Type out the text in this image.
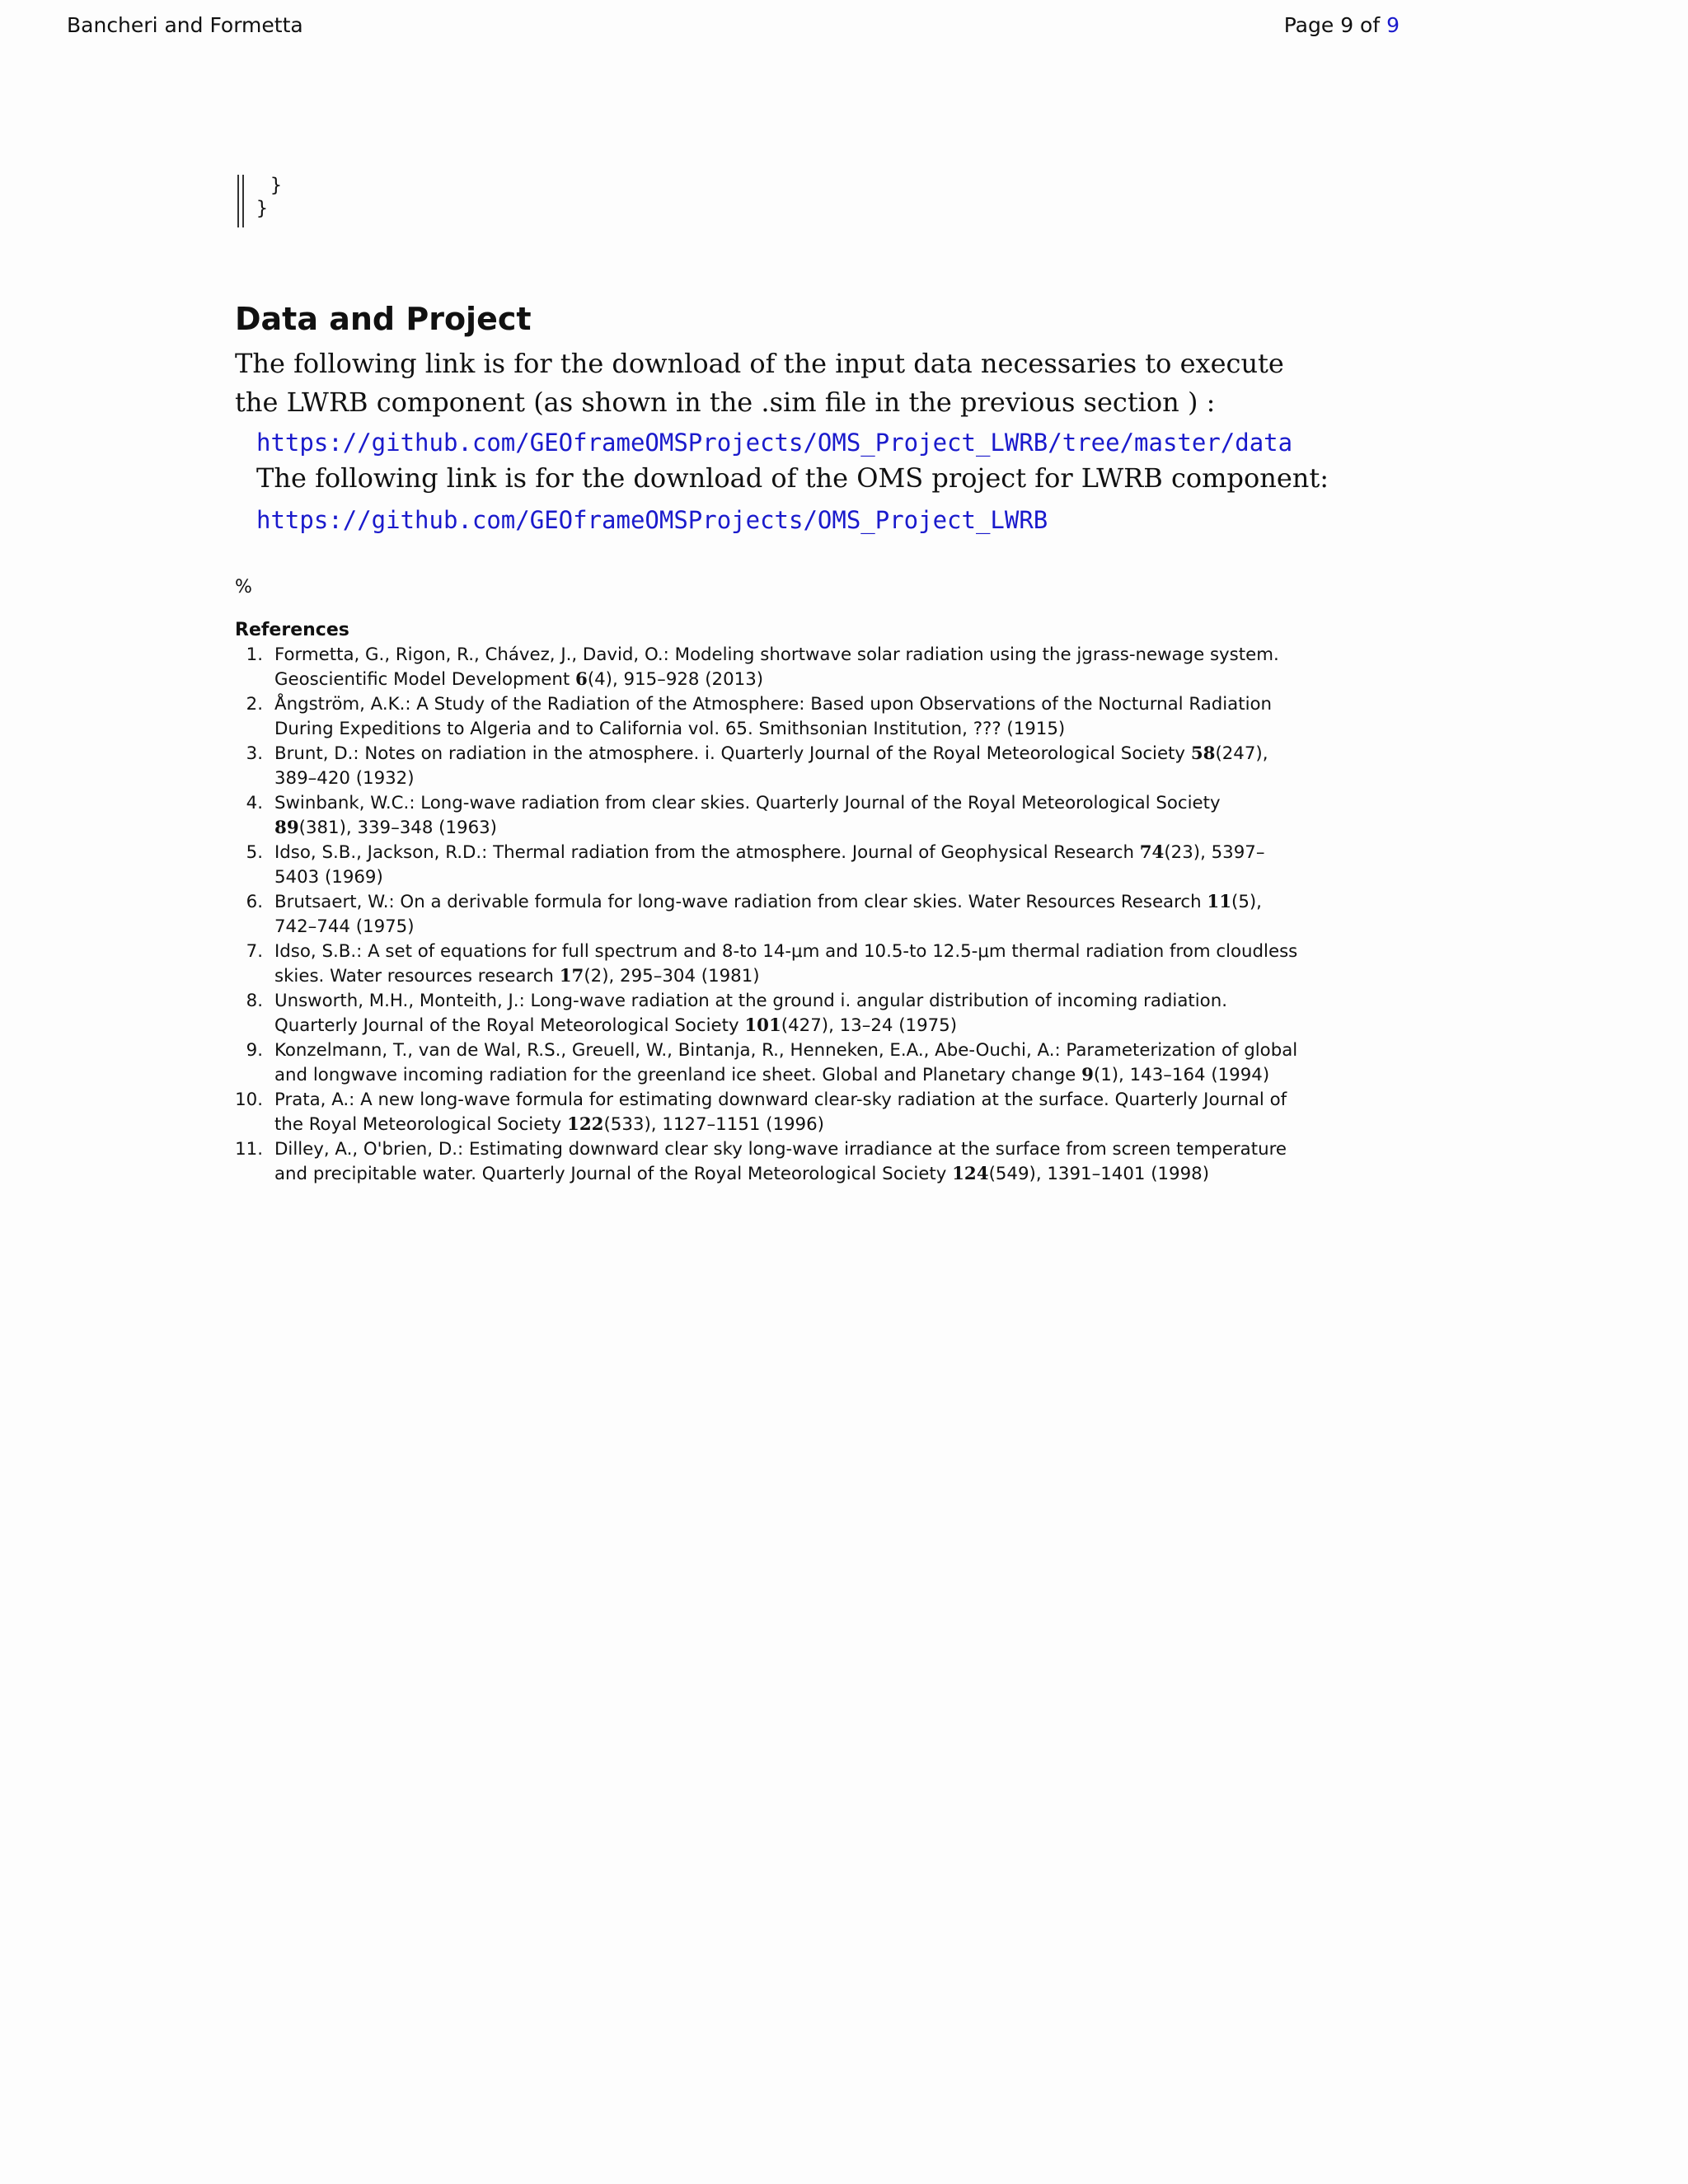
Bancheri and Formetta	Page 9 of 9
}
}
Data and Project

The following link is for the download of the input data necessaries to execute the LWRB component (as shown in the .sim file in the previous section ) :

https://github.com/GEOframeOMSProjects/OMS_Project_LWRB/tree/master/data

The following link is for the download of the OMS project for LWRB component:

https://github.com/GEOframeOMSProjects/OMS_Project_LWRB
%
References
1. Formetta, G., Rigon, R., Chávez, J., David, O.: Modeling shortwave solar radiation using the jgrass-newage system. Geoscientific Model Development 6(4), 915–928 (2013)
2. Ångström, A.K.: A Study of the Radiation of the Atmosphere: Based upon Observations of the Nocturnal Radiation During Expeditions to Algeria and to California vol. 65. Smithsonian Institution, ??? (1915)
3. Brunt, D.: Notes on radiation in the atmosphere. i. Quarterly Journal of the Royal Meteorological Society 58(247), 389–420 (1932)
4. Swinbank, W.C.: Long-wave radiation from clear skies. Quarterly Journal of the Royal Meteorological Society 89(381), 339–348 (1963)
5. Idso, S.B., Jackson, R.D.: Thermal radiation from the atmosphere. Journal of Geophysical Research 74(23), 5397–5403 (1969)
6. Brutsaert, W.: On a derivable formula for long-wave radiation from clear skies. Water Resources Research 11(5), 742–744 (1975)
7. Idso, S.B.: A set of equations for full spectrum and 8-to 14-μm and 10.5-to 12.5-μm thermal radiation from cloudless skies. Water resources research 17(2), 295–304 (1981)
8. Unsworth, M.H., Monteith, J.: Long-wave radiation at the ground i. angular distribution of incoming radiation. Quarterly Journal of the Royal Meteorological Society 101(427), 13–24 (1975)
9. Konzelmann, T., van de Wal, R.S., Greuell, W., Bintanja, R., Henneken, E.A., Abe-Ouchi, A.: Parameterization of global and longwave incoming radiation for the greenland ice sheet. Global and Planetary change 9(1), 143–164 (1994)
10. Prata, A.: A new long-wave formula for estimating downward clear-sky radiation at the surface. Quarterly Journal of the Royal Meteorological Society 122(533), 1127–1151 (1996)
11. Dilley, A., O'brien, D.: Estimating downward clear sky long-wave irradiance at the surface from screen temperature and precipitable water. Quarterly Journal of the Royal Meteorological Society 124(549), 1391–1401 (1998)
